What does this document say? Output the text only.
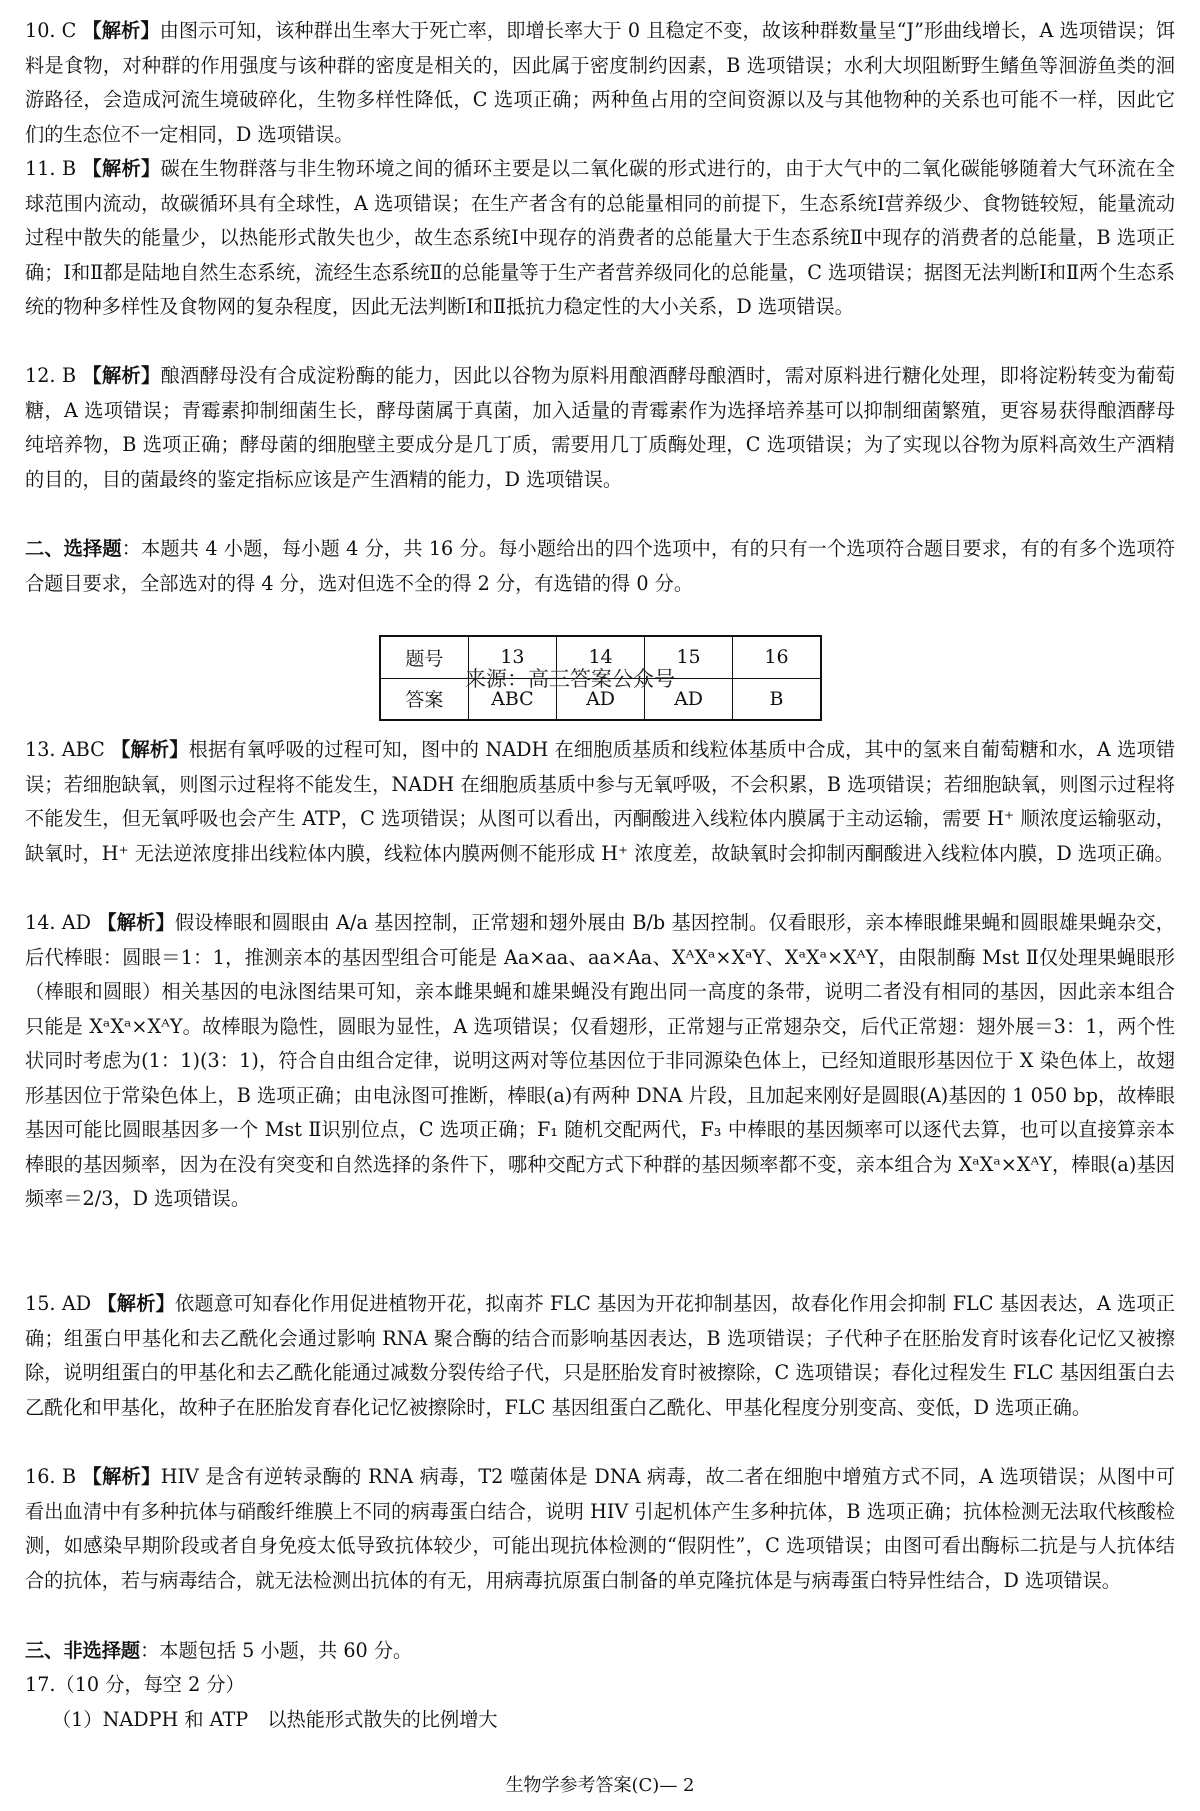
10. C 【解析】由图示可知，该种群出生率大于死亡率，即增长率大于 0 且稳定不变，故该种群数量呈“J”形曲线增长，A 选项错误；饵料是食物，对种群的作用强度与该种群的密度是相关的，因此属于密度制约因素，B 选项错误；水利大坝阻断野生鳍鱼等洄游鱼类的洄游路径，会造成河流生境破碎化，生物多样性降低，C 选项正确；两种鱼占用的空间资源以及与其他物种的关系也可能不一样，因此它们的生态位不一定相同，D 选项错误。

11. B 【解析】碳在生物群落与非生物环境之间的循环主要是以二氧化碳的形式进行的，由于大气中的二氧化碳能够随着大气环流在全球范围内流动，故碳循环具有全球性，A 选项错误；在生产者含有的总能量相同的前提下，生态系统Ⅰ营养级少、食物链较短，能量流动过程中散失的能量少，以热能形式散失也少，故生态系统Ⅰ中现存的消费者的总能量大于生态系统Ⅱ中现存的消费者的总能量，B 选项正确；Ⅰ和Ⅱ都是陆地自然生态系统，流经生态系统Ⅱ的总能量等于生产者营养级同化的总能量，C 选项错误；据图无法判断Ⅰ和Ⅱ两个生态系统的物种多样性及食物网的复杂程度，因此无法判断Ⅰ和Ⅱ抵抗力稳定性的大小关系，D 选项错误。

12. B 【解析】酿酒酵母没有合成淀粉酶的能力，因此以谷物为原料用酿酒酵母酿酒时，需对原料进行糖化处理，即将淀粉转变为葡萄糖，A 选项错误；青霉素抑制细菌生长，酵母菌属于真菌，加入适量的青霉素作为选择培养基可以抑制细菌繁殖，更容易获得酿酒酵母纯培养物，B 选项正确；酵母菌的细胞壁主要成分是几丁质，需要用几丁质酶处理，C 选项错误；为了实现以谷物为原料高效生产酒精的目的，目的菌最终的鉴定指标应该是产生酒精的能力，D 选项错误。

二、选择题：本题共 4 小题，每小题 4 分，共 16 分。每小题给出的四个选项中，有的只有一个选项符合题目要求，有的有多个选项符合题目要求，全部选对的得 4 分，选对但选不全的得 2 分，有选错的得 0 分。

题号	13	14	15	16
答案	ABC	AD	AD	B
来源：高三答案公众号

13. ABC 【解析】根据有氧呼吸的过程可知，图中的 NADH 在细胞质基质和线粒体基质中合成，其中的氢来自葡萄糖和水，A 选项错误；若细胞缺氧，则图示过程将不能发生，NADH 在细胞质基质中参与无氧呼吸，不会积累，B 选项错误；若细胞缺氧，则图示过程将不能发生，但无氧呼吸也会产生 ATP，C 选项错误；从图可以看出，丙酮酸进入线粒体内膜属于主动运输，需要 H⁺ 顺浓度运输驱动，缺氧时，H⁺ 无法逆浓度排出线粒体内膜，线粒体内膜两侧不能形成 H⁺ 浓度差，故缺氧时会抑制丙酮酸进入线粒体内膜，D 选项正确。

14. AD 【解析】假设棒眼和圆眼由 A/a 基因控制，正常翅和翅外展由 B/b 基因控制。仅看眼形，亲本棒眼雌果蝇和圆眼雄果蝇杂交，后代棒眼：圆眼＝1：1，推测亲本的基因型组合可能是 Aa×aa、aa×Aa、XᴬXᵃ×XᵃY、XᵃXᵃ×XᴬY，由限制酶 Mst Ⅱ仅处理果蝇眼形（棒眼和圆眼）相关基因的电泳图结果可知，亲本雌果蝇和雄果蝇没有跑出同一高度的条带，说明二者没有相同的基因，因此亲本组合只能是 XᵃXᵃ×XᴬY。故棒眼为隐性，圆眼为显性，A 选项错误；仅看翅形，正常翅与正常翅杂交，后代正常翅：翅外展＝3：1，两个性状同时考虑为(1：1)(3：1)，符合自由组合定律，说明这两对等位基因位于非同源染色体上，已经知道眼形基因位于 X 染色体上，故翅形基因位于常染色体上，B 选项正确；由电泳图可推断，棒眼(a)有两种 DNA 片段，且加起来刚好是圆眼(A)基因的 1 050 bp，故棒眼基因可能比圆眼基因多一个 Mst Ⅱ识别位点，C 选项正确；F₁ 随机交配两代，F₃ 中棒眼的基因频率可以逐代去算，也可以直接算亲本棒眼的基因频率，因为在没有突变和自然选择的条件下，哪种交配方式下种群的基因频率都不变，亲本组合为 XᵃXᵃ×XᴬY，棒眼(a)基因频率＝2/3，D 选项错误。

15. AD 【解析】依题意可知春化作用促进植物开花，拟南芥 FLC 基因为开花抑制基因，故春化作用会抑制 FLC 基因表达，A 选项正确；组蛋白甲基化和去乙酰化会通过影响 RNA 聚合酶的结合而影响基因表达，B 选项错误；子代种子在胚胎发育时该春化记忆又被擦除，说明组蛋白的甲基化和去乙酰化能通过减数分裂传给子代，只是胚胎发育时被擦除，C 选项错误；春化过程发生 FLC 基因组蛋白去乙酰化和甲基化，故种子在胚胎发育春化记忆被擦除时，FLC 基因组蛋白乙酰化、甲基化程度分别变高、变低，D 选项正确。

16. B 【解析】HIV 是含有逆转录酶的 RNA 病毒，T2 噬菌体是 DNA 病毒，故二者在细胞中增殖方式不同，A 选项错误；从图中可看出血清中有多种抗体与硝酸纤维膜上不同的病毒蛋白结合，说明 HIV 引起机体产生多种抗体，B 选项正确；抗体检测无法取代核酸检测，如感染早期阶段或者自身免疫太低导致抗体较少，可能出现抗体检测的“假阴性”，C 选项错误；由图可看出酶标二抗是与人抗体结合的抗体，若与病毒结合，就无法检测出抗体的有无，用病毒抗原蛋白制备的单克隆抗体是与病毒蛋白特异性结合，D 选项错误。

三、非选择题：本题包括 5 小题，共 60 分。

17.（10 分，每空 2 分）

（1）NADPH 和 ATP　以热能形式散失的比例增大

生物学参考答案(C)— 2
